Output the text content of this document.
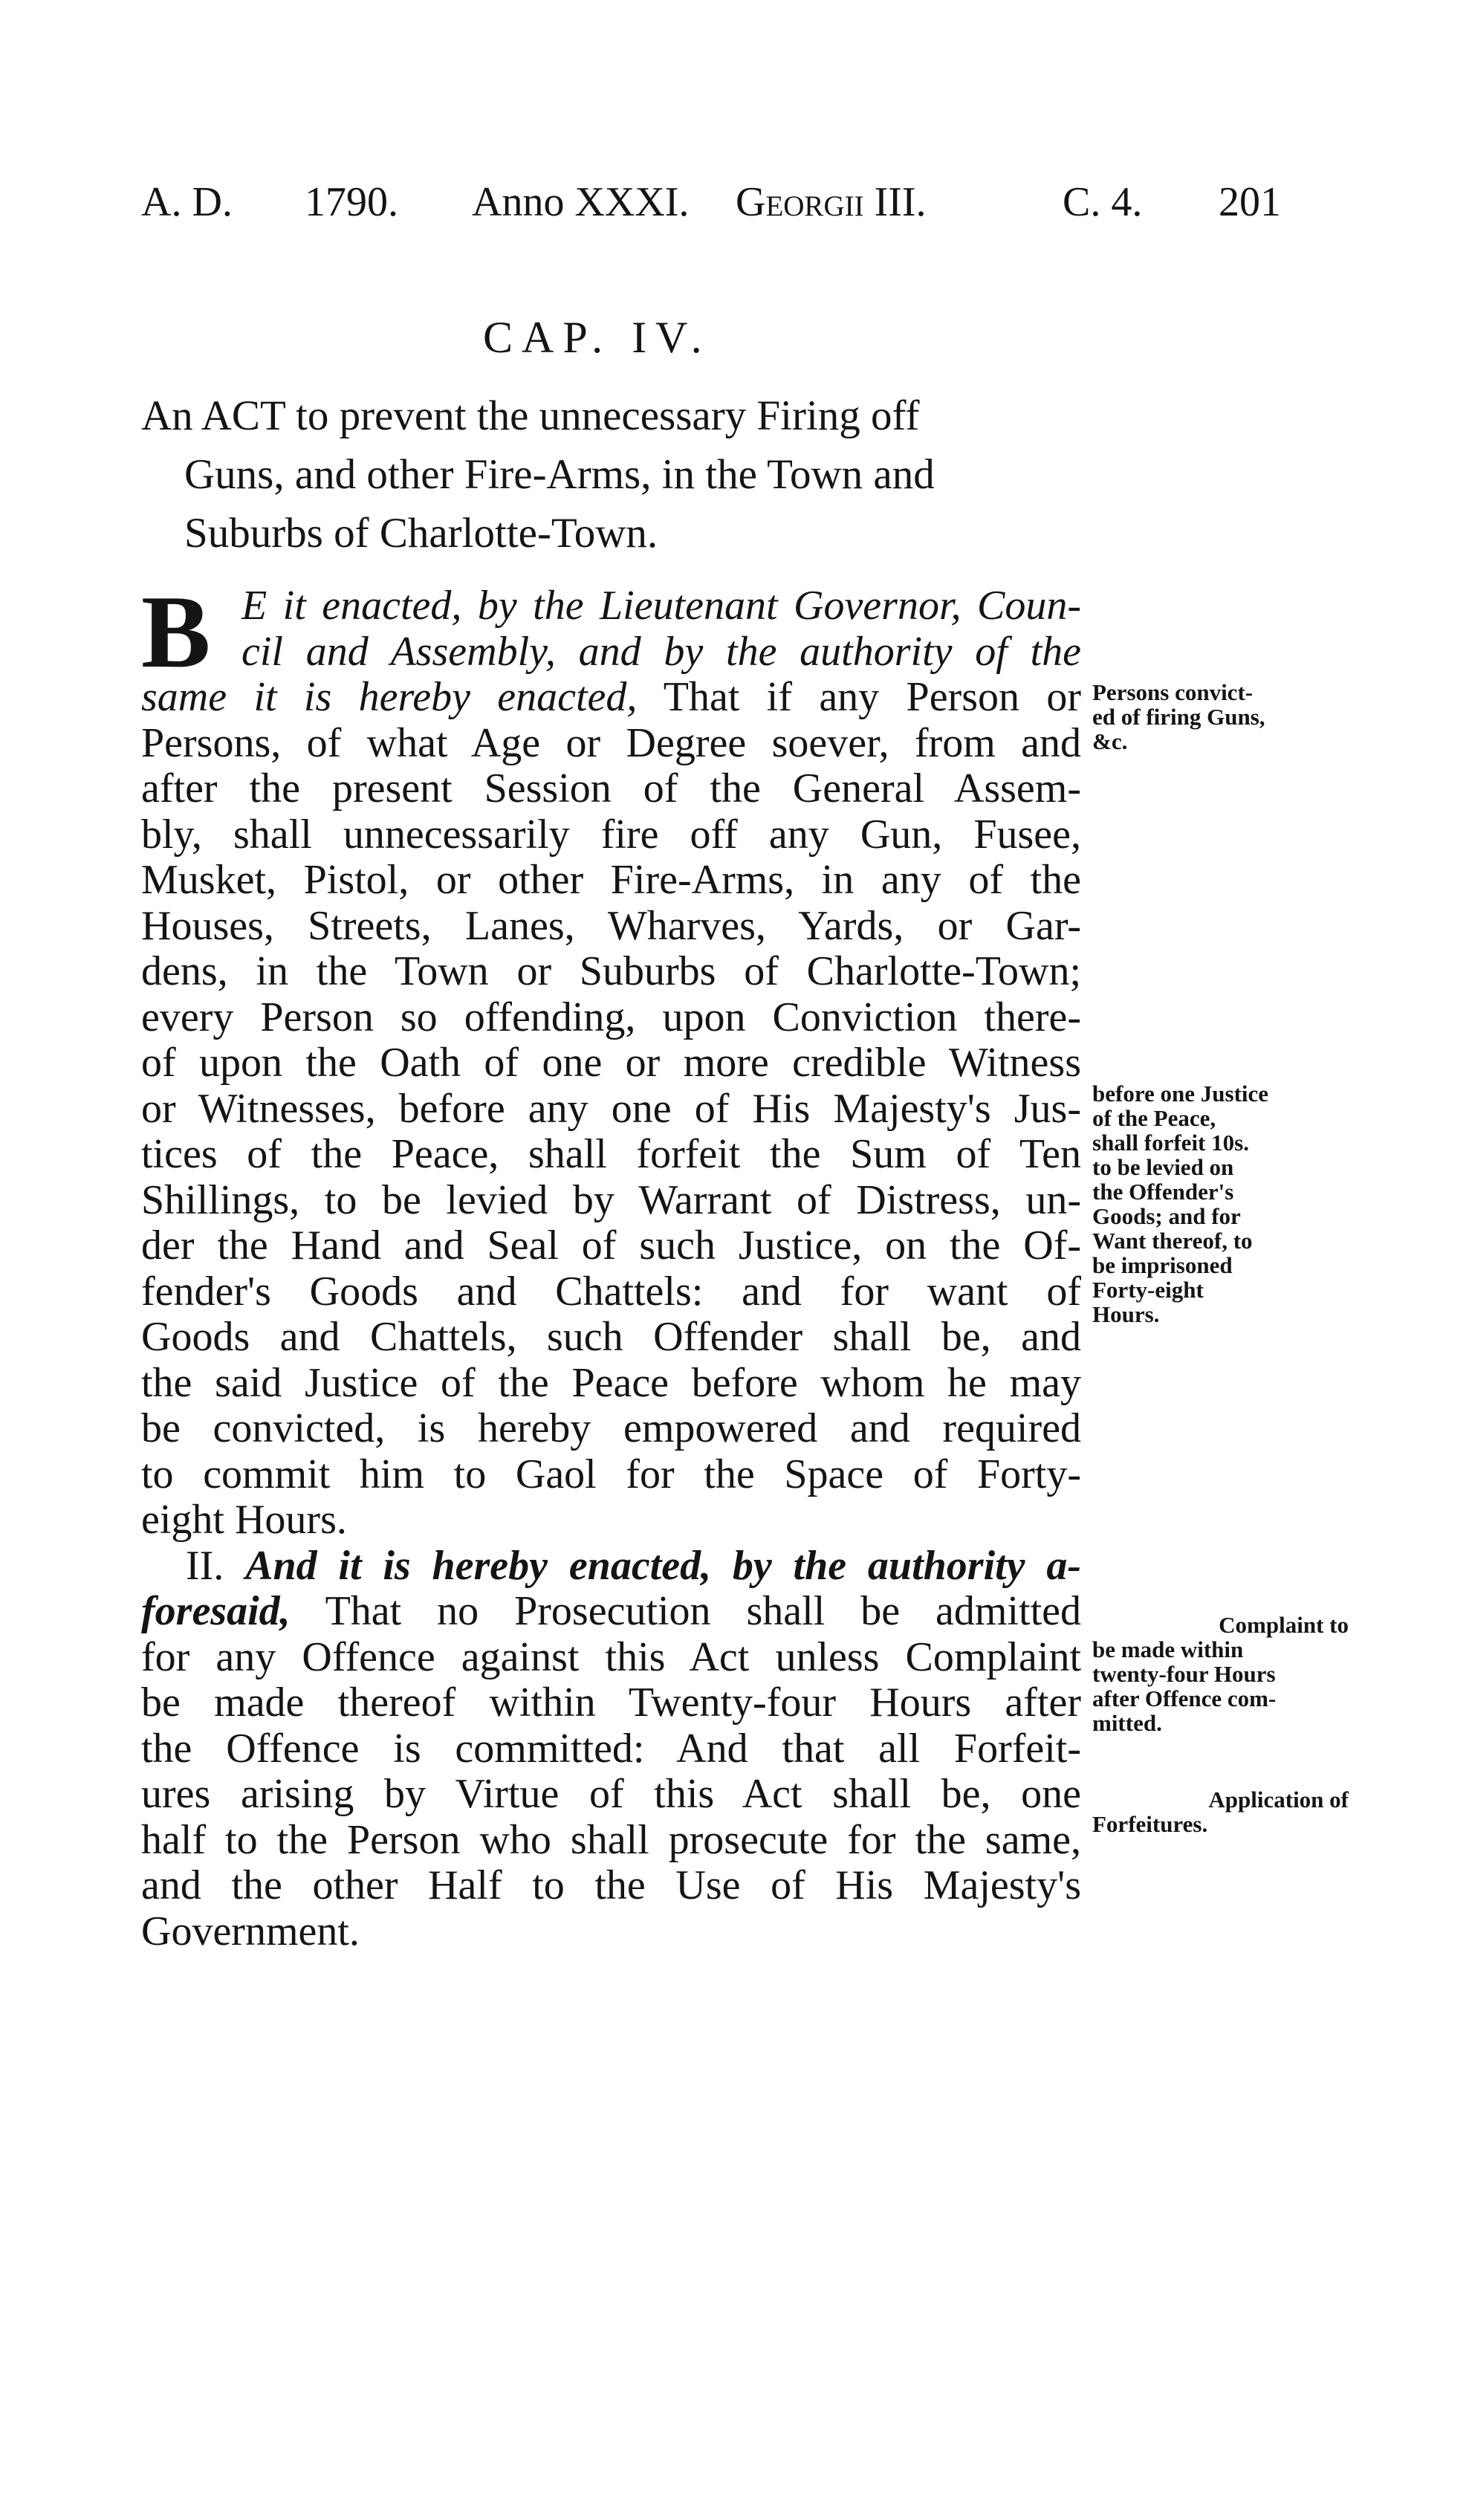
A. D. 1790. Anno XXXI. Georgii III.	C. 4. 201
CAP. IV.
An ACT to prevent the unnecessary Firing off
Guns, and other Fire-Arms, in the Town and
Suburbs of Charlotte-Town.
B E it enacted, by the Lieutenant Governor, Coun-
cil and Assembly, and by the authority of the
same it is hereby enacted, That if any Person or
Persons, of what Age or Degree soever, from and
after the present Session of the General Assem-
bly, shall unnecessarily fire off any Gun, Fusee,
Musket, Pistol, or other Fire-Arms, in any of the
Houses, Streets, Lanes, Wharves, Yards, or Gar-
dens, in the Town or Suburbs of Charlotte-Town;
every Person so offending, upon Conviction there-
of upon the Oath of one or more credible Witness
or Witnesses, before any one of His Majesty's Jus-
tices of the Peace, shall forfeit the Sum of Ten
Shillings, to be levied by Warrant of Distress, un-
der the Hand and Seal of such Justice, on the Of-
fender's Goods and Chattels: and for want of
Goods and Chattels, such Offender shall be, and
the said Justice of the Peace before whom he may
be convicted, is hereby empowered and required
to commit him to Gaol for the Space of Forty-
eight Hours.
II. And it is hereby enacted, by the authority a-
foresaid, That no Prosecution shall be admitted
for any Offence against this Act unless Complaint
be made thereof within Twenty-four Hours after
the Offence is committed: And that all Forfeit-
ures arising by Virtue of this Act shall be, one
half to the Person who shall prosecute for the same,
and the other Half to the Use of His Majesty's
Government.
Persons convict-
ed of firing Guns,
&c.
before one Justice
of the Peace,
shall forfeit 10s.
to be levied on
the Offender's
Goods; and for
Want thereof, to
be imprisoned
Forty-eight
Hours.
Complaint to
be made within
twenty-four Hours
after Offence com-
mitted.
Application of
Forfeitures.
